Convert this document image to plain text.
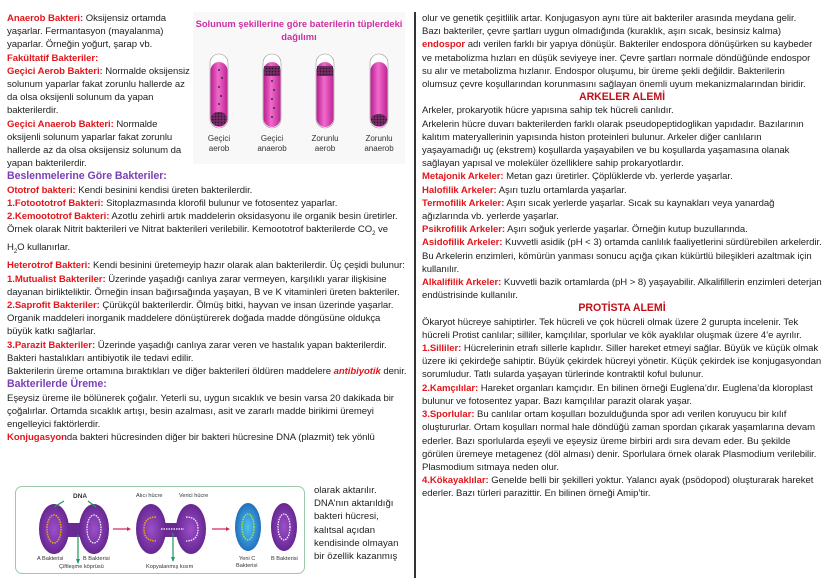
Anaerob Bakteri: Oksijensiz ortamda yaşarlar. Fermantasyon (mayalanma) yaparlar. Örneğin yoğurt, şarap vb.

Fakültatif Bakteriler:

Geçici Aerob Bakteri: Normalde oksijensiz solunum yaparlar fakat zorunlu hallerde az da olsa oksijenli solunum da yapan bakterilerdir.

Geçici Anaerob Bakteri: Normalde oksijenli solunum yaparlar fakat zorunlu hallerde az da olsa oksijensiz solunum da yapan bakterilerdir.

Beslenmelerine Göre Bakteriler:

Ototrof bakteri: Kendi besinini kendisi üreten bakterilerdir.

1.Fotoototrof Bakteri: Sitoplazmasında klorofil bulunur ve fotosentez yaparlar.

2.Kemoototrof Bakteri: Azotlu zehirli artık maddelerin oksidasyonu ile organik besin üretirler. Örnek olarak Nitrit bakterileri ve Nitrat bakterileri verilebilir. Kemoototrof bakterilerde $CO_2$ ve $H_2O$ kullanırlar.

Heterotrof Bakteri: Kendi besinini üretemeyip hazır olarak alan bakterilerdir. Üç çeşidi bulunur:

1.Mutualist Bakteriler: Üzerinde yaşadığı canlıya zarar vermeyen, karşılıklı yarar ilişkisine dayanan birlikteliktir. Örneğin insan bağırsağında yaşayan, B ve K vitaminleri üreten bakteriler.

2.Saprofit Bakteriler: Çürükçül bakterilerdir. Ölmüş bitki, hayvan ve insan üzerinde yaşarlar. Organik maddeleri inorganik maddelere dönüştürerek doğada madde döngüsüne oldukça büyük katkı sağlarlar.

3.Parazit Bakteriler: Üzerinde yaşadığı canlıya zarar veren ve hastalık yapan bakterilerdir. Bakteri hastalıkları antibiyotik ile tedavi edilir.

Bakterilerin üreme ortamına bıraktıkları ve diğer bakterileri öldüren maddelere antibiyotik denir.

Bakterilerde Üreme:

Eşeysiz üreme ile bölünerek çoğalır. Yeterli su, uygun sıcaklık ve besin varsa 20 dakikada bir çoğalırlar. Ortamda sıcaklık artışı, besin azalması, asit ve zararlı madde birikimi üremeyi engelleyici faktörlerdir.

Konjugasyonda bakteri hücresinden diğer bir bakteri hücresine DNA (plazmit) tek yönlü

olarak aktarılır. DNA’nın aktarıldığı bakteri hücresi, kalıtsal açıdan kendisinde olmayan bir özellik kazanmış
Solunum şekillerine göre baterilerin tüplerdeki dağılımı
Geçici
aerob
Geçici
anaerob
Zorunlu
aerob
Zorunlu
anaerob
DNA
A Bakterisi	B Bakterisi
Çiftleşme köprüsü
Alıcı hücre	Verici hücre
Kopyalanmış kısım
Yeni C
Bakterisi
B Bakterisi

olur ve genetik çeşitlilik artar. Konjugasyon aynı türe ait bakteriler arasında meydana gelir.

Bazı bakteriler, çevre şartları uygun olmadığında (kuraklık, aşırı sıcak, besinsiz kalma) endospor adı verilen farklı bir yapıya dönüşür. Bakteriler endospora dönüşürken su kaybeder ve metabolizma hızları en düşük seviyeye iner. Çevre şartları normale döndüğünde endospor su alır ve metabolizma hızlanır. Endospor oluşumu, bir üreme şekli değildir. Bakterilerin olumsuz çevre koşullarından korunmasını sağlayan önemli uyum mekanizmalarından biridir.

ARKELER ALEMİ

Arkeler, prokaryotik hücre yapısına sahip tek hücreli canlıdır.

Arkelerin hücre duvarı bakterilerden farklı olarak pseudopeptidoglikan yapıdadır. Bazılarının kalıtım materyallerinin yapısında histon proteinleri bulunur. Arkeler diğer canlıların yaşayamadığı uç (ekstrem) koşullarda yaşayabilen ve bu koşullarda yaşamasına olanak sağlayan yapısal ve moleküler özelliklere sahip prokaryotlardır.

Metajonik Arkeler: Metan gazı üretirler. Çöplüklerde vb. yerlerde yaşarlar.

Halofilik Arkeler: Aşırı tuzlu ortamlarda yaşarlar.

Termofilik Arkeler: Aşırı sıcak yerlerde yaşarlar. Sıcak su kaynakları veya yanardağ ağızlarında vb. yerlerde yaşarlar.

Psikrofilik Arkeler: Aşırı soğuk yerlerde yaşarlar. Örneğin kutup buzullarında.

Asidofilik Arkeler: Kuvvetli asidik (pH < 3) ortamda canlılık faaliyetlerini sürdürebilen arkelerdir. Bu Arkelerin enzimleri, kömürün yanması sonucu açığa çıkan kükürtlü bileşikleri azaltmak için kullanılır.

Alkalifilik Arkeler: Kuvvetli bazik ortamlarda (pH > 8) yaşayabilir. Alkalifillerin enzimleri deterjan endüstrisinde kullanılır.

PROTİSTA ALEMİ

Ökaryot hücreye sahiptirler. Tek hücreli ve çok hücreli olmak üzere 2 gurupta incelenir. Tek hücreli Protist canlılar; silliler, kamçılılar, sporlular ve kök ayaklılar oluşmak üzere 4’e ayrılır.

1.Silliler: Hücrelerinin etrafı sillerle kaplıdır. Siller hareket etmeyi sağlar. Büyük ve küçük olmak üzere iki çekirdeğe sahiptir. Büyük çekirdek hücreyi yönetir. Küçük çekirdek ise konjugasyondan sorumludur. Tatlı sularda yaşayan türlerinde kontraktil koful bulunur.

2.Kamçılılar: Hareket organları kamçıdır. En bilinen örneği Euglena’dır. Euglena’da kloroplast bulunur ve fotosentez yapar. Bazı kamçılılar parazit olarak yaşar.

3.Sporlular: Bu canlılar ortam koşulları bozulduğunda spor adı verilen koruyucu bir kılıf oluştururlar. Ortam koşulları normal hale döndüğü zaman spordan çıkarak yaşamlarına devam ederler. Bazı sporlularda eşeyli ve eşeysiz üreme birbiri ardı sıra devam eder. Bu şekilde görülen üremeye metagenez (döl alması) denir. Sporlulara örnek olarak Plasmodium verilebilir. Plasmodium sıtmaya neden olur.

4.Kökayaklılar: Genelde belli bir şekilleri yoktur. Yalancı ayak (psödopod) oluşturarak hareket ederler. Bazı türleri parazittir. En bilinen örneği Amip’tir.
